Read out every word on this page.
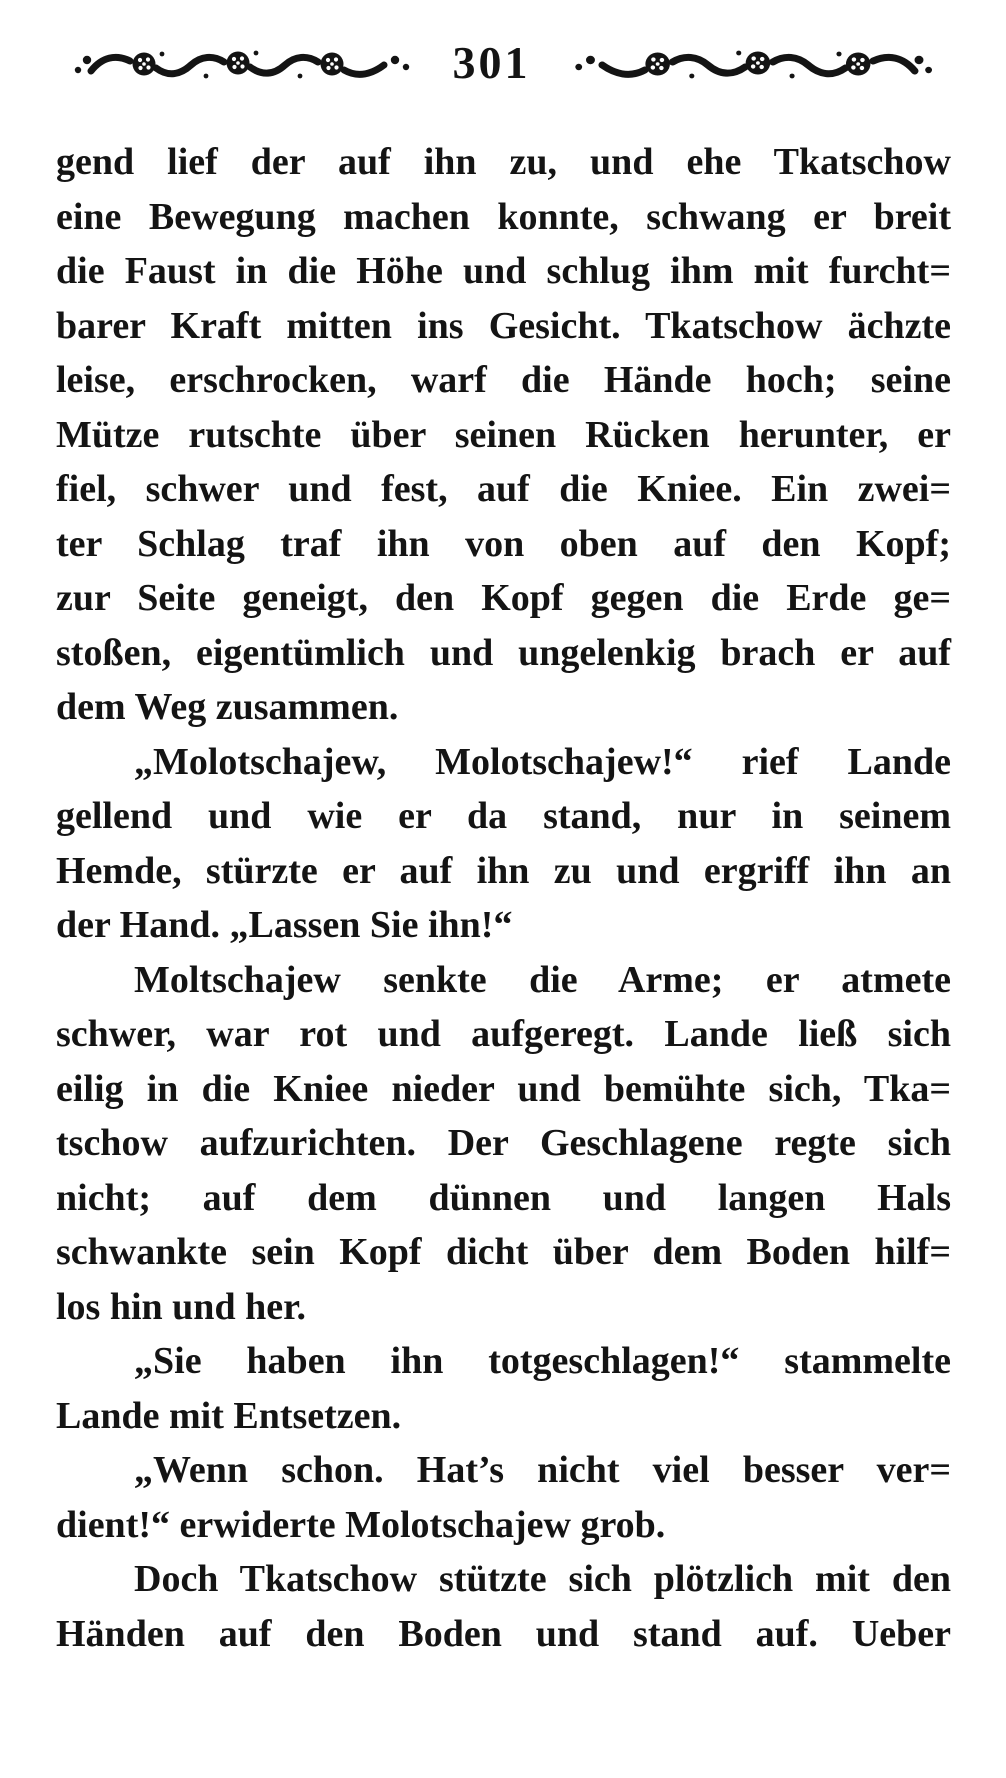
301
gend lief der auf ihn zu, und ehe Tkatschow
eine Bewegung machen konnte, schwang er breit
die Faust in die Höhe und schlug ihm mit furcht=
barer Kraft mitten ins Gesicht. Tkatschow ächzte
leise, erschrocken, warf die Hände hoch; seine
Mütze rutschte über seinen Rücken herunter, er
fiel, schwer und fest, auf die Kniee. Ein zwei=
ter Schlag traf ihn von oben auf den Kopf;
zur Seite geneigt, den Kopf gegen die Erde ge=
stoßen, eigentümlich und ungelenkig brach er auf
dem Weg zusammen.
„Molotschajew, Molotschajew!“ rief Lande
gellend und wie er da stand, nur in seinem
Hemde, stürzte er auf ihn zu und ergriff ihn an
der Hand. „Lassen Sie ihn!“
Moltschajew senkte die Arme; er atmete
schwer, war rot und aufgeregt. Lande ließ sich
eilig in die Kniee nieder und bemühte sich, Tka=
tschow aufzurichten. Der Geschlagene regte sich
nicht; auf dem dünnen und langen Hals
schwankte sein Kopf dicht über dem Boden hilf=
los hin und her.
„Sie haben ihn totgeschlagen!“ stammelte
Lande mit Entsetzen.
„Wenn schon. Hat’s nicht viel besser ver=
dient!“ erwiderte Molotschajew grob.
Doch Tkatschow stützte sich plötzlich mit den
Händen auf den Boden und stand auf. Ueber
